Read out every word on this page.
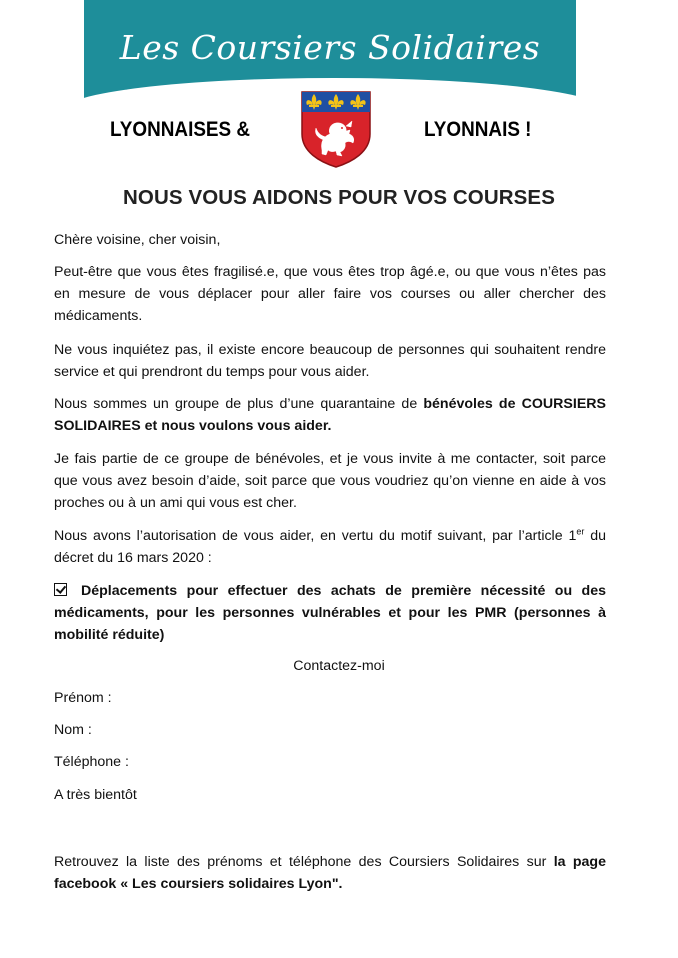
Les Coursiers Solidaires
LYONNAISES &	LYONNAIS !
NOUS VOUS AIDONS POUR VOS COURSES

Chère voisine, cher voisin,

Peut-être que vous êtes fragilisé.e, que vous êtes trop âgé.e, ou que vous n’êtes pas en mesure de vous déplacer pour aller faire vos courses ou aller chercher des médicaments.

Ne vous inquiétez pas, il existe encore beaucoup de personnes qui souhaitent rendre service et qui prendront du temps pour vous aider.

Nous sommes un groupe de plus d’une quarantaine de bénévoles de COURSIERS SOLIDAIRES et nous voulons vous aider.

Je fais partie de ce groupe de bénévoles, et je vous invite à me contacter, soit parce que vous avez besoin d’aide, soit parce que vous voudriez qu’on vienne en aide à vos proches ou à un ami qui vous est cher.

Nous avons l’autorisation de vous aider, en vertu du motif suivant, par l’article 1er du décret du 16 mars 2020 :

Déplacements pour effectuer des achats de première nécessité ou des médicaments, pour les personnes vulnérables et pour les PMR (personnes à mobilité réduite)

Contactez-moi
Prénom :
Nom :
Téléphone :
A très bientôt

Retrouvez la liste des prénoms et téléphone des Coursiers Solidaires sur la page facebook « Les coursiers solidaires Lyon".
